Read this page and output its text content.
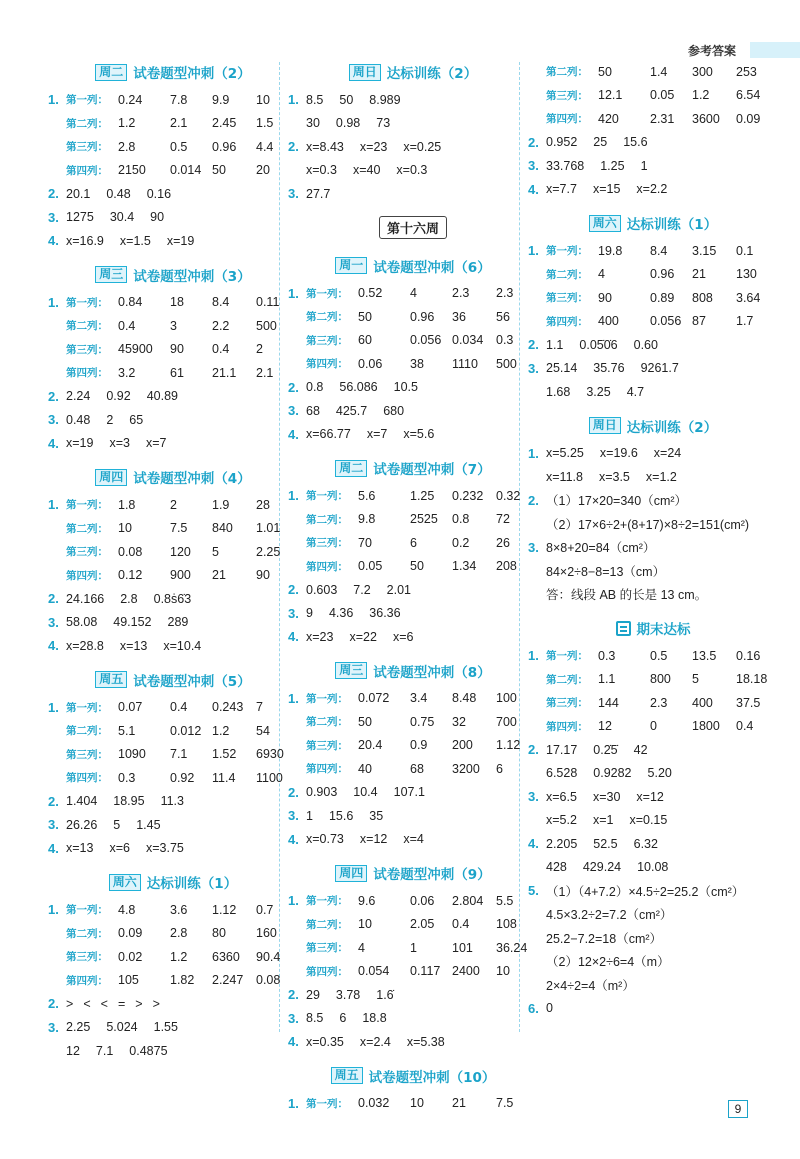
参考答案
周二 试卷题型冲刺（2）
1. 第一列： 0.24	7.8	9.9	10
第二列： 1.2	2.1	2.45	1.5
第三列： 2.8	0.5	0.96	4.4
第四列： 2150	0.014 50	20
2. 20.1 0.48 0.16
3. 1275 30.4 90
4. x=16.9 x=1.5 x=19
周三 试卷题型冲刺（3）
1. 第一列： 0.84	18	8.4	0.11
第二列： 0.4	3	2.2	500
第三列： 45900	90	0.4	2
第四列： 3.2	61	21.1	2.1
2. 2.24 0.92 40.89
3. 0.48 2 65
4. x=19 x=3 x=7
周四 试卷题型冲刺（4）
1. 第一列： 1.8	2	1.9	28
第二列： 10	7.5	840	1.01
第三列： 0.08	120	5	2.25
第四列： 0.12	900	21	90
2. 24.166 2.8 0.8ṡ6̇3
3. 58.08 49.152 289
4. x=28.8 x=13 x=10.4
周五 试卷题型冲刺（5）
1. 第一列： 0.07	0.4	0.243	7
第二列： 5.1	0.012 1.2	54
第三列： 1090	7.1	1.52	6930
第四列： 0.3	0.92	11.4	1100
2. 1.404 18.95 11.3
3. 26.26 5 1.45
4. x=13 x=6 x=3.75
周六 达标训练（1）
1. 第一列： 4.8	3.6	1.12	0.7
第二列： 0.09	2.8	80	160
第三列： 0.02	1.2	6360	90.4
第四列： 105	1.82	2.247	0.08
2. > < < = > >
3. 2.25 5.024 1.55
12 7.1 0.4875
周日 达标训练（2）
1. 8.5 50 8.989
30 0.98 73
2. x=8.43 x=23 x=0.25
x=0.3 x=40 x=0.3
3. 27.7
第十六周
周一 试卷题型冲刺（6）
1. 第一列： 0.52	4	2.3	2.3
第二列： 50	0.96	36	56
第三列： 60	0.056 0.034	0.3
第四列： 0.06	38	1110	500
2. 0.8 56.086 10.5
3. 68 425.7 680
4. x=66.77 x=7 x=5.6
周二 试卷题型冲刺（7）
1. 第一列： 5.6	1.25	0.232	0.32
第二列： 9.8	2525	0.8	72
第三列： 70	6	0.2	26
第四列： 0.05	50	1.34	208
2. 0.603 7.2 2.01
3. 9 4.36 36.36
4. x=23 x=22 x=6
周三 试卷题型冲刺（8）
1. 第一列： 0.072	3.4	8.48	100
第二列： 50	0.75	32	700
第三列： 20.4	0.9	200	1.12
第四列： 40	68	3200	6
2. 0.903 10.4 107.1
3. 1 15.6 35
4. x=0.73 x=12 x=4
周四 试卷题型冲刺（9）
1. 第一列： 9.6	0.06	2.804	5.5
第二列： 10	2.05	0.4	108
第三列： 4	1	101	36.24
第四列： 0.054	0.117 2400	10
2. 29 3.78 1.6̇
3. 8.5 6 18.8
4. x=0.35 x=2.4 x=5.38
周五 试卷题型冲刺（10）
1. 第一列： 0.032	10	21	7.5
第二列： 50	1.4	300	253
第三列： 12.1	0.05	1.2	6.54
第四列： 420	2.31	3600	0.09
2. 0.952 25 15.6
3. 33.768 1.25 1
4. x=7.7 x=15 x=2.2
周六 达标训练（1）
1. 第一列： 19.8	8.4	3.15	0.1
第二列： 4	0.96	21	130
第三列： 90	0.89	808	3.64
第四列： 400	0.056 87	1.7
2. 1.1 0.05̇0̇6 0.60
3. 25.14 35.76 9261.7
1.68 3.25 4.7
周日 达标训练（2）
1. x=5.25 x=19.6 x=24
x=11.8 x=3.5 x=1.2
2. （1）17×20=340（cm²）
（2）17×6÷2+(8+17)×8÷2=151(cm²)
3. 8×8+20=84（cm²）
84×2÷8−8=13（cm）
答：线段 AB 的长是 13 cm。
期末达标
1. 第一列： 0.3	0.5	13.5	0.16
第二列： 1.1	800	5	18.18
第三列： 144	2.3	400	37.5
第四列： 12	0	1800	0.4
2. 17.17 0.2̇5̇ 42
6.528 0.9282 5.20
3. x=6.5 x=30 x=12
x=5.2 x=1 x=0.15
4. 2.205 52.5 6.32
428 429.24 10.08
5. （1）（4+7.2）×4.5÷2=25.2（cm²）
4.5×3.2÷2=7.2（cm²）
25.2−7.2=18（cm²）
（2）12×2÷6=4（m）
2×4÷2=4（m²）
6. 0
9
